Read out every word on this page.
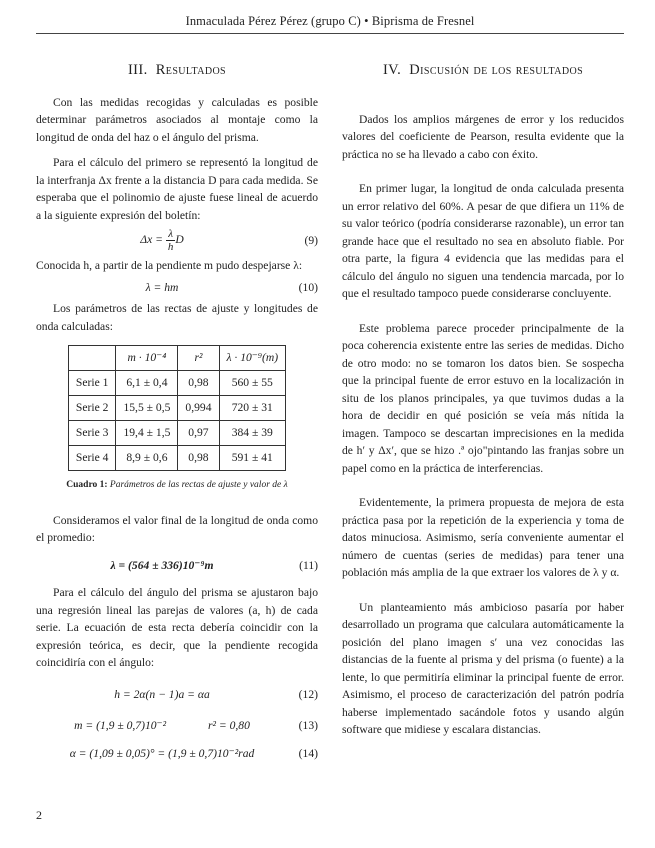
Inmaculada Pérez Pérez (grupo C) • Biprisma de Fresnel
III. Resultados

Con las medidas recogidas y calculadas es posible determinar parámetros asociados al montaje como la longitud de onda del haz o el ángulo del prisma.

Para el cálculo del primero se representó la longitud de la interfranja Δx frente a la distancia D para cada medida. Se esperaba que el polinomio de ajuste fuese lineal de acuerdo a la siguiente expresión del boletín:

$\Delta x = \frac{\lambda}{h}$ D	(9)

Conocida h, a partir de la pendiente m pudo despejarse λ:

λ = hm	(10)

Los parámetros de las rectas de ajuste y longitudes de onda calculadas:

	m · 10⁻⁴	r²	λ · 10⁻⁹(m)
Serie 1	6,1 ± 0,4	0,98	560 ± 55
Serie 2	15,5 ± 0,5	0,994	720 ± 31
Serie 3	19,4 ± 1,5	0,97	384 ± 39
Serie 4	8,9 ± 0,6	0,98	591 ± 41
Cuadro 1: Parámetros de las rectas de ajuste y valor de λ

Consideramos el valor final de la longitud de onda como el promedio:

λ = (564 ± 336)10⁻⁹m	(11)

Para el cálculo del ángulo del prisma se ajustaron bajo una regresión lineal las parejas de valores (a, h) de cada serie. La ecuación de esta recta debería coincidir con la expresión teórica, es decir, que la pendiente recogida coincidiría con el ángulo:

h = 2α(n − 1)a = αa	(12)
m = (1,9 ± 0,7)10⁻²	r² = 0,80	(13)
α = (1,09 ± 0,05)° = (1,9 ± 0,7)10⁻²rad	(14)
IV. Discusión de los resultados

Dados los amplios márgenes de error y los reducidos valores del coeficiente de Pearson, resulta evidente que la práctica no se ha llevado a cabo con éxito.

En primer lugar, la longitud de onda calculada presenta un error relativo del 60%. A pesar de que difiera un 11% de su valor teórico (podría considerarse razonable), un error tan grande hace que el resultado no sea en absoluto fiable. Por otra parte, la figura 4 evidencia que las medidas para el cálculo del ángulo no siguen una tendencia marcada, por lo que el resultado tampoco puede considerarse concluyente.

Este problema parece proceder principalmente de la poca coherencia existente entre las series de medidas. Dicho de otro modo: no se tomaron los datos bien. Se sospecha que la principal fuente de error estuvo en la localización in situ de los planos principales, ya que tuvimos dudas a la hora de decidir en qué posición se veía más nítida la imagen. Tampoco se descartan imprecisiones en la medida de h′ y Δx′, que se hizo .ª ojo"pintando las franjas sobre un papel como en la práctica de interferencias.

Evidentemente, la primera propuesta de mejora de esta práctica pasa por la repetición de la experiencia y toma de datos minuciosa. Asimismo, sería conveniente aumentar el número de cuentas (series de medidas) para tener una población más amplia de la que extraer los valores de λ y α.

Un planteamiento más ambicioso pasaría por haber desarrollado un programa que calculara automáticamente la posición del plano imagen s′ una vez conocidas las distancias de la fuente al prisma y del prisma (o fuente) a la lente, lo que permitiría eliminar la principal fuente de error. Asimismo, el proceso de caracterización del patrón podría haberse implementado sacándole fotos y usando algún software que midiese y escalara distancias.

2
